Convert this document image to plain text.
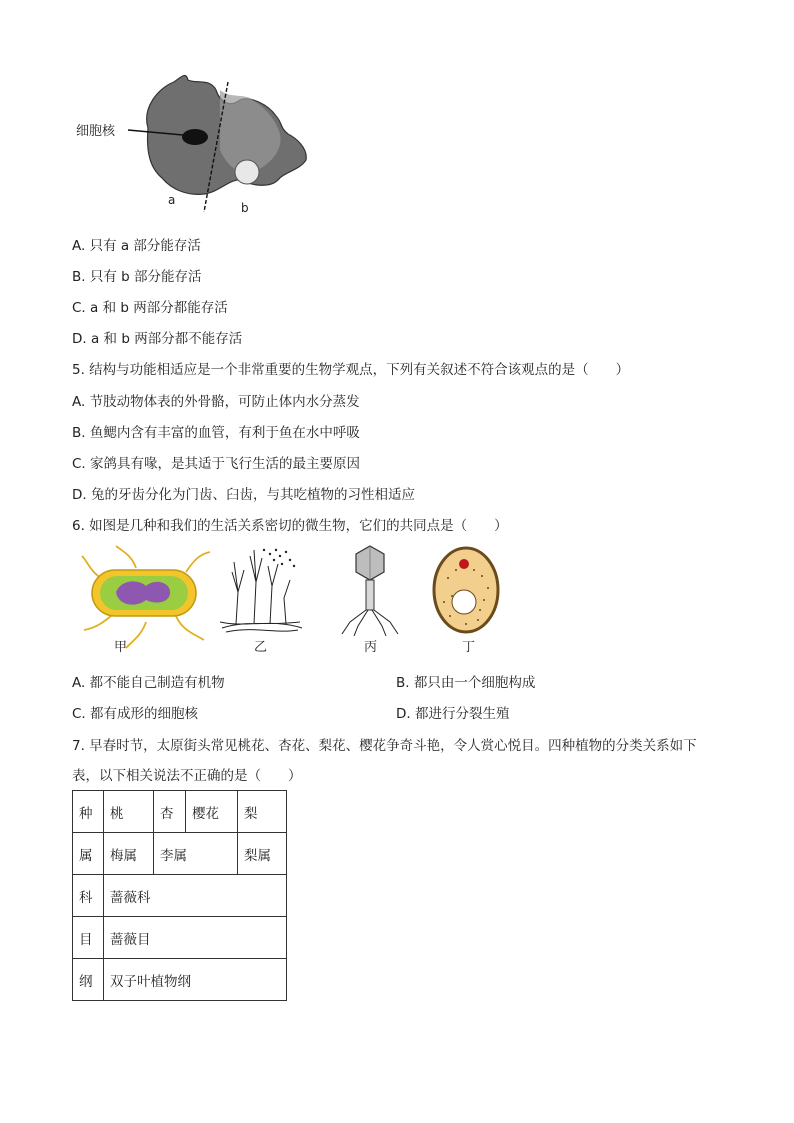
细胞核
a
b
A. 只有 a 部分能存活
B. 只有 b 部分能存活
C. a 和 b 两部分都能存活
D. a 和 b 两部分都不能存活
5. 结构与功能相适应是一个非常重要的生物学观点，下列有关叙述不符合该观点的是（　　）
A. 节肢动物体表的外骨骼，可防止体内水分蒸发
B. 鱼鳃内含有丰富的血管，有利于鱼在水中呼吸
C. 家鸽具有喙，是其适于飞行生活的最主要原因
D. 兔的牙齿分化为门齿、臼齿，与其吃植物的习性相适应
6. 如图是几种和我们的生活关系密切的微生物，它们的共同点是（　　）
甲	乙	丙	丁
A. 都不能自己制造有机物	B. 都只由一个细胞构成
C. 都有成形的细胞核	D. 都进行分裂生殖
7. 早春时节，太原街头常见桃花、杏花、梨花、樱花争奇斗艳，令人赏心悦目。四种植物的分类关系如下
表，以下相关说法不正确的是（　　）
种	桃	杏	樱花	梨
属	梅属	李属		梨属
科	蔷薇科			
目	蔷薇目			
纲	双子叶植物纲			
